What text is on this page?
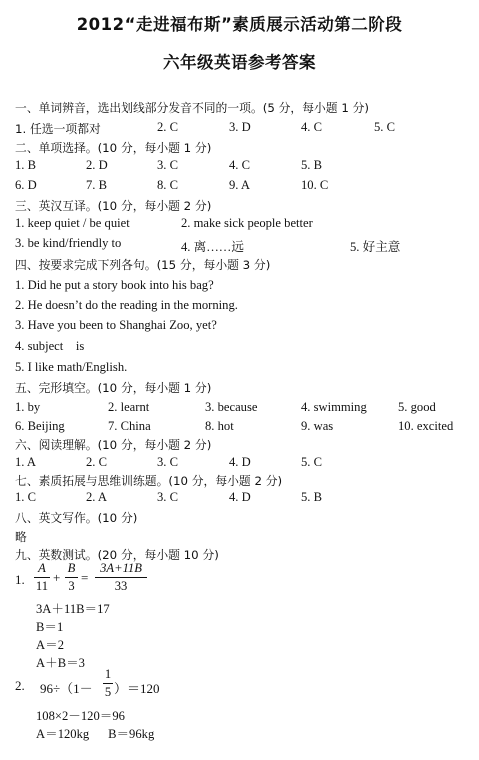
2012“走进福布斯”素质展示活动第二阶段
六年级英语参考答案
一、单词辨音，选出划线部分发音不同的一项。(5 分，每小题 1 分)
1. 任选一项都对	2. C	3. D	4. C	5. C
二、单项选择。(10 分，每小题 1 分)
1. B	2. D	3. C	4. C	5. B
6. D	7. B	8. C	9. A	10. C
三、英汉互译。(10 分，每小题 2 分)
1. keep quiet / be quiet	2. make sick people better
3. be kind/friendly to	4. 离……远	5. 好主意
四、按要求完成下列各句。(15 分，每小题 3 分)
1. Did he put a story book into his bag?
2. He doesn’t do the reading in the morning.
3. Have you been to Shanghai Zoo, yet?
4. subject    is
5. I like math/English.
五、完形填空。(10 分，每小题 1 分)
1. by	2. learnt	3. because	4. swimming 5. good
6. Beijing	7. China	8. hot	9. was	10. excited
六、阅读理解。(10 分，每小题 2 分)
1. A	2. C	3. C	4. D	5. C
七、素质拓展与思维训练题。(10 分，每小题 2 分)
1. C	2. A	3. C	4. D	5. B
八、英文写作。(10 分)
略
九、英数测试。(20 分，每小题 10 分)
1.
A
11
+
B
3
=
3A+11B
33
3A＋11B＝17
B＝1
A＝2
A＋B＝3
2. 96÷（1－
1
5 ）＝120
108×2－120＝96
A＝120kg      B＝96kg
